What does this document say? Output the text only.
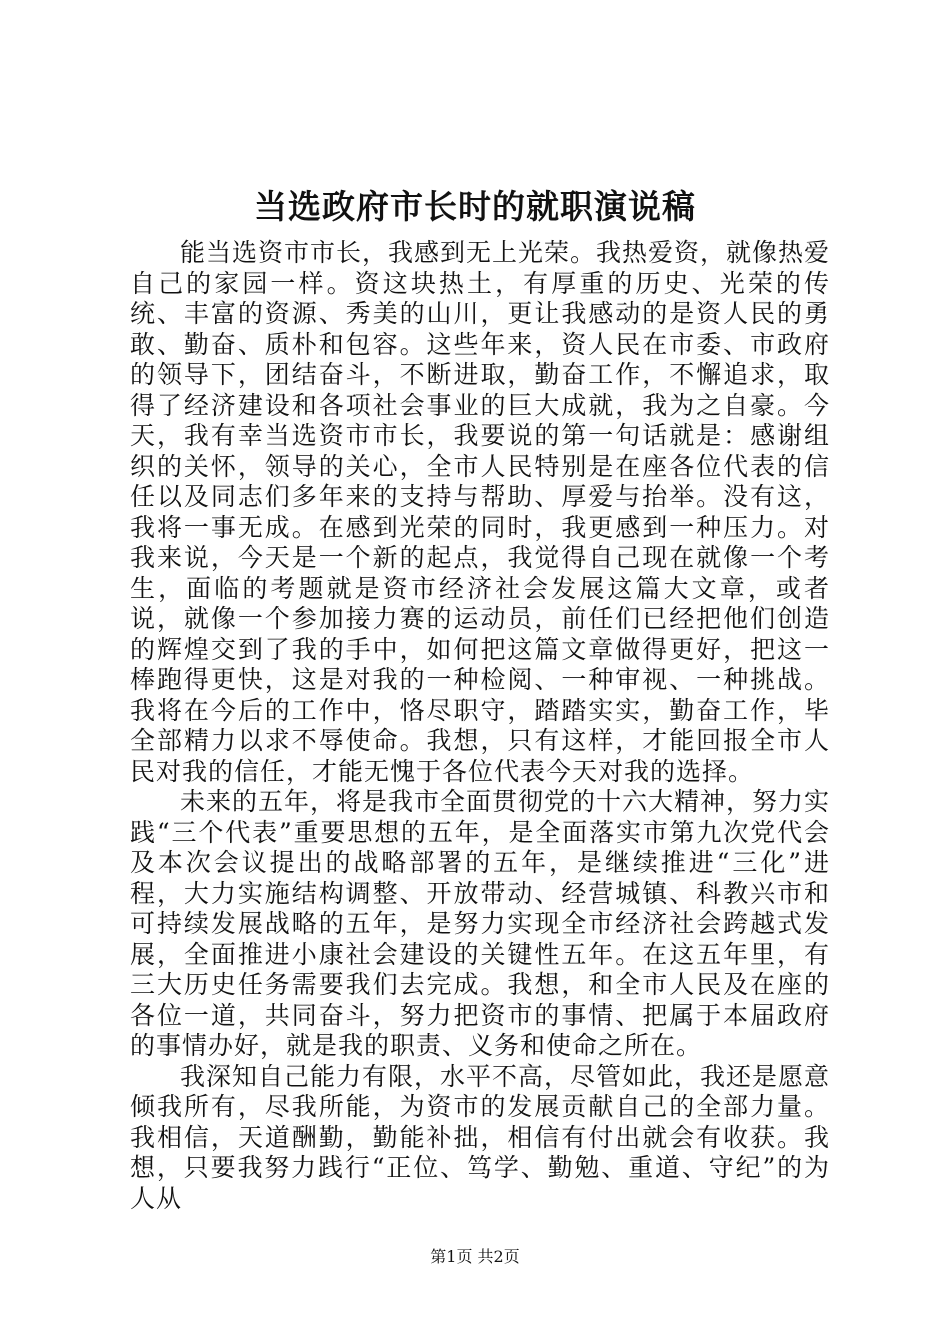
当选政府市长时的就职演说稿

能当选资市市长，我感到无上光荣。我热爱资，就像热爱自己的家园一样。资这块热土，有厚重的历史、光荣的传统、丰富的资源、秀美的山川，更让我感动的是资人民的勇敢、勤奋、质朴和包容。这些年来，资人民在市委、市政府的领导下，团结奋斗，不断进取，勤奋工作，不懈追求，取得了经济建设和各项社会事业的巨大成就，我为之自豪。今天，我有幸当选资市市长，我要说的第一句话就是：感谢组织的关怀，领导的关心，全市人民特别是在座各位代表的信任以及同志们多年来的支持与帮助、厚爱与抬举。没有这，我将一事无成。在感到光荣的同时，我更感到一种压力。对我来说，今天是一个新的起点，我觉得自己现在就像一个考生，面临的考题就是资市经济社会发展这篇大文章，或者说，就像一个参加接力赛的运动员，前任们已经把他们创造的辉煌交到了我的手中，如何把这篇文章做得更好，把这一棒跑得更快，这是对我的一种检阅、一种审视、一种挑战。我将在今后的工作中，恪尽职守，踏踏实实，勤奋工作，毕全部精力以求不辱使命。我想，只有这样，才能回报全市人民对我的信任，才能无愧于各位代表今天对我的选择。

未来的五年，将是我市全面贯彻党的十六大精神，努力实践“三个代表”重要思想的五年，是全面落实市第九次党代会及本次会议提出的战略部署的五年，是继续推进“三化”进程，大力实施结构调整、开放带动、经营城镇、科教兴市和可持续发展战略的五年，是努力实现全市经济社会跨越式发展，全面推进小康社会建设的关键性五年。在这五年里，有三大历史任务需要我们去完成。我想，和全市人民及在座的各位一道，共同奋斗，努力把资市的事情、把属于本届政府的事情办好，就是我的职责、义务和使命之所在。

我深知自己能力有限，水平不高，尽管如此，我还是愿意倾我所有，尽我所能，为资市的发展贡献自己的全部力量。我相信，天道酬勤，勤能补拙，相信有付出就会有收获。我想，只要我努力践行“正位、笃学、勤勉、重道、守纪”的为人从

第1页 共2页
